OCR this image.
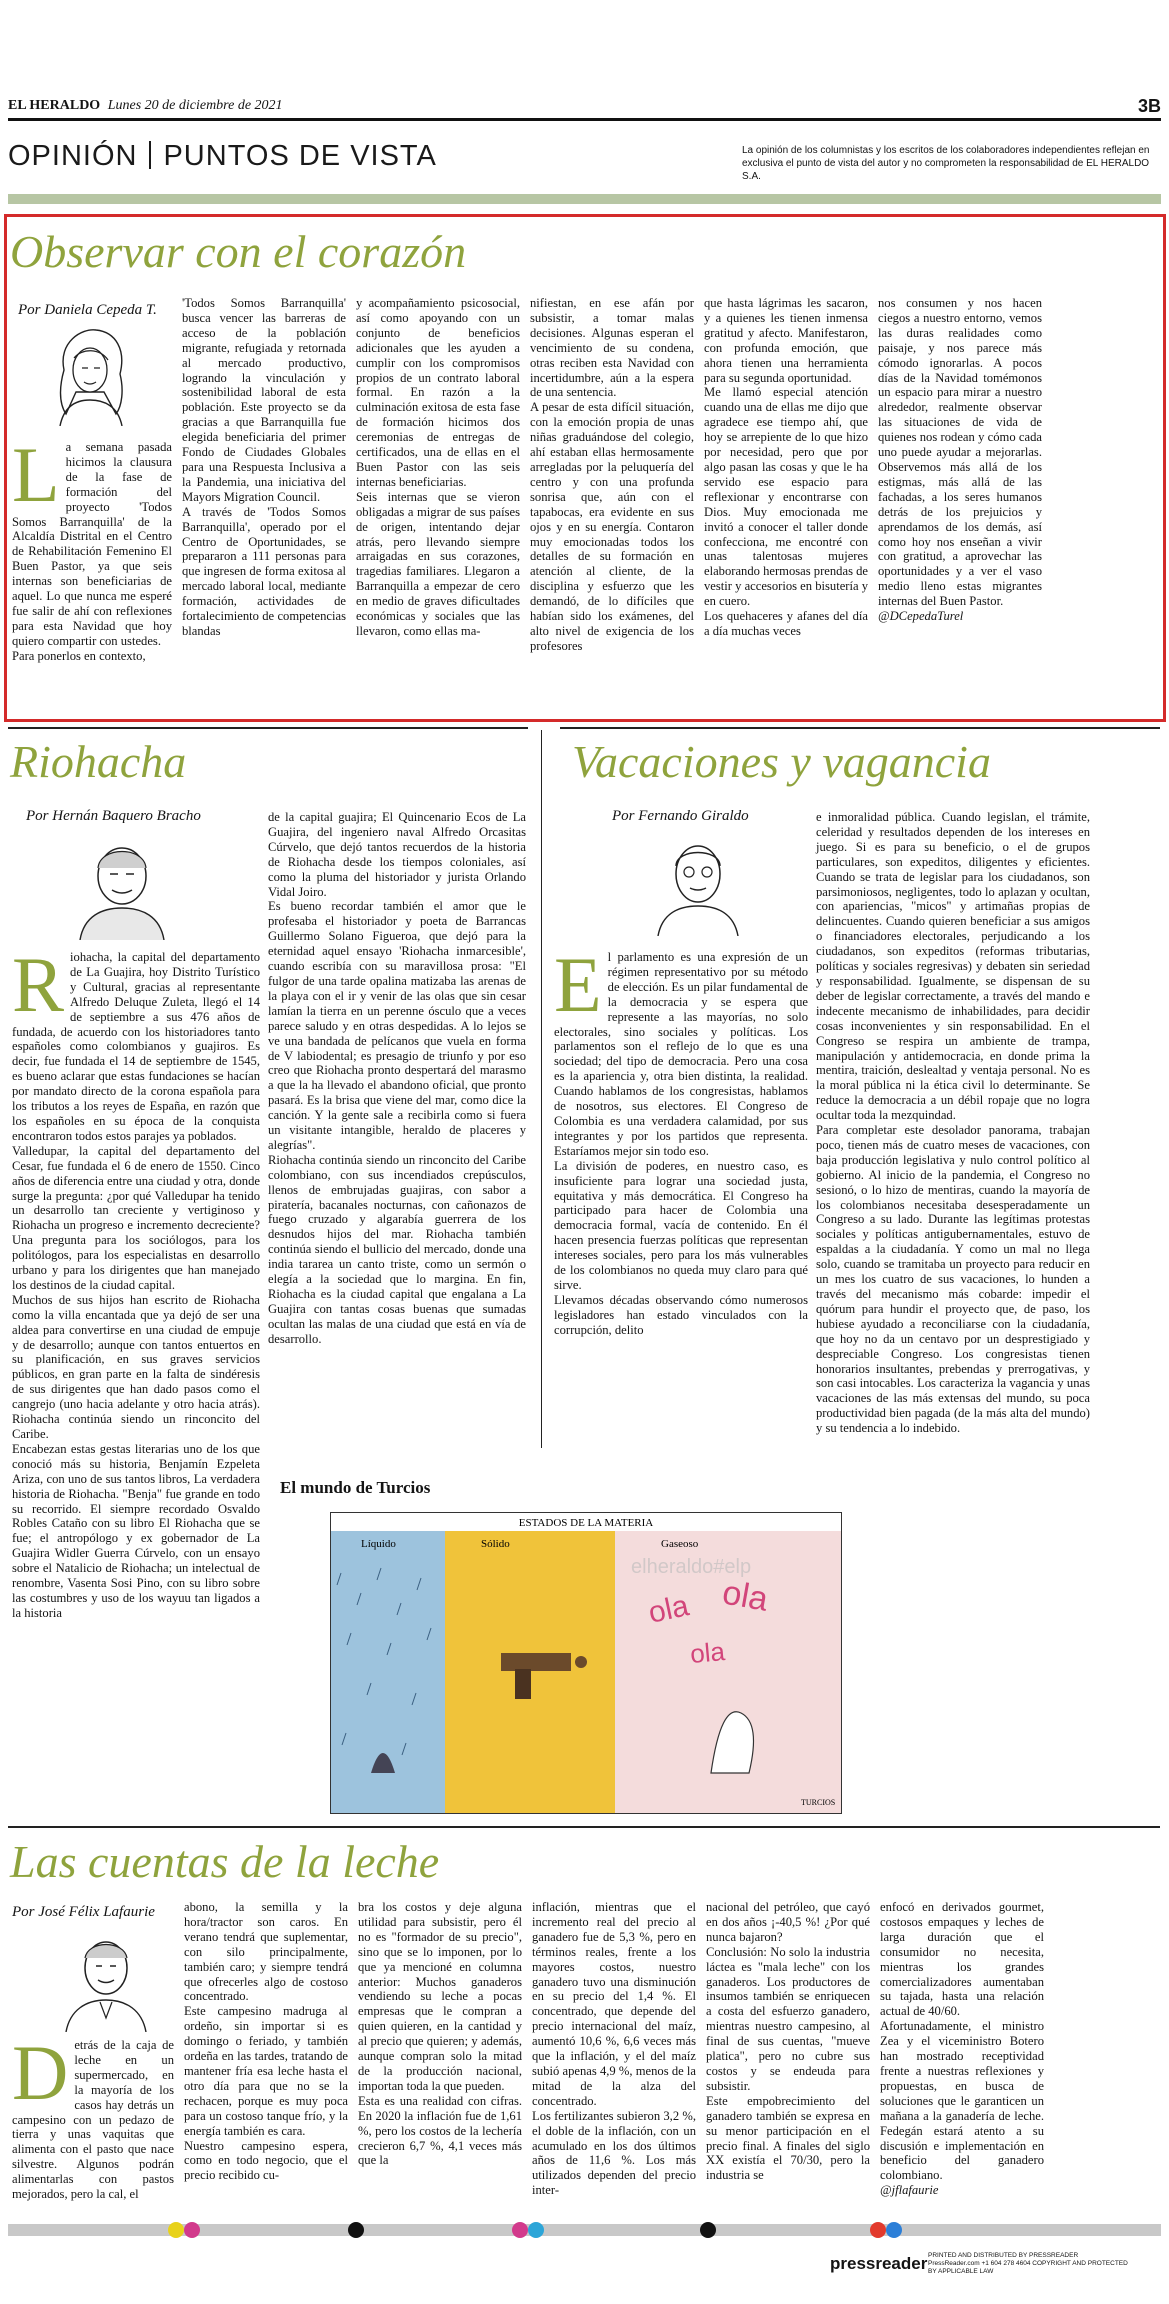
EL HERALDO Lunes 20 de diciembre de 2021	3B
OPINIÓN PUNTOS DE VISTA	La opinión de los columnistas y los escritos de los colaboradores independientes reflejan en exclusiva el punto de vista del autor y no comprometen la responsabilidad de EL HERALDO S.A.
Observar con el corazón
Por Daniela Cepeda T.
L a semana pasada hicimos la clausura de la fase de formación del proyecto 'Todos Somos Barranquilla' de la Alcaldía Distrital en el Centro de Rehabilitación Femenino El Buen Pastor, ya que seis internas son beneficiarias de aquel. Lo que nunca me esperé fue salir de ahí con reflexiones para esta Navidad que hoy quiero compartir con ustedes.

Para ponerlos en contexto,

'Todos Somos Barranquilla' busca vencer las barreras de acceso de la población migrante, refugiada y retornada al mercado productivo, logrando la vinculación y sostenibilidad laboral de esta población. Este proyecto se da gracias a que Barranquilla fue elegida beneficiaria del primer Fondo de Ciudades Globales para una Respuesta Inclusiva a la Pandemia, una iniciativa del Mayors Migration Council.

A través de 'Todos Somos Barranquilla', operado por el Centro de Oportunidades, se prepararon a 111 personas para que ingresen de forma exitosa al mercado laboral local, mediante formación, actividades de fortalecimiento de competencias blandas

y acompañamiento psicosocial, así como apoyando con un conjunto de beneficios adicionales que les ayuden a cumplir con los compromisos propios de un contrato laboral formal. En razón a la culminación exitosa de esta fase de formación hicimos dos ceremonias de entregas de certificados, una de ellas en el Buen Pastor con las seis internas beneficiarias.

Seis internas que se vieron obligadas a migrar de sus países de origen, intentando dejar atrás, pero llevando siempre arraigadas en sus corazones, tragedias familiares. Llegaron a Barranquilla a empezar de cero en medio de graves dificultades económicas y sociales que las llevaron, como ellas ma-

nifiestan, en ese afán por subsistir, a tomar malas decisiones. Algunas esperan el vencimiento de su condena, otras reciben esta Navidad con incertidumbre, aún a la espera de una sentencia.

A pesar de esta difícil situación, con la emoción propia de unas niñas graduándose del colegio, ahí estaban ellas hermosamente arregladas por la peluquería del centro y con una profunda sonrisa que, aún con el tapabocas, era evidente en sus ojos y en su energía. Contaron muy emocionadas todos los detalles de su formación en atención al cliente, de la disciplina y esfuerzo que les demandó, de lo difíciles que habían sido los exámenes, del alto nivel de exigencia de los profesores

que hasta lágrimas les sacaron, y a quienes les tienen inmensa gratitud y afecto. Manifestaron, con profunda emoción, que ahora tienen una herramienta para su segunda oportunidad.

Me llamó especial atención cuando una de ellas me dijo que agradece ese tiempo ahí, que hoy se arrepiente de lo que hizo por necesidad, pero que por algo pasan las cosas y que le ha servido ese espacio para reflexionar y encontrarse con Dios. Muy emocionada me invitó a conocer el taller donde confecciona, me encontré con unas talentosas mujeres elaborando hermosas prendas de vestir y accesorios en bisutería y en cuero.

Los quehaceres y afanes del día a día muchas veces

nos consumen y nos hacen ciegos a nuestro entorno, vemos las duras realidades como paisaje, y nos parece más cómodo ignorarlas. A pocos días de la Navidad tomémonos un espacio para mirar a nuestro alrededor, realmente observar las situaciones de vida de quienes nos rodean y cómo cada uno puede ayudar a mejorarlas. Observemos más allá de los estigmas, más allá de las fachadas, a los seres humanos detrás de los prejuicios y aprendamos de los demás, así como hoy nos enseñan a vivir con gratitud, a aprovechar las oportunidades y a ver el vaso medio lleno estas migrantes internas del Buen Pastor.

@DCepedaTurel

Riohacha
Por Hernán Baquero Bracho
R iohacha, la capital del departamento de La Guajira, hoy Distrito Turístico y Cultural, gracias al representante Alfredo Deluque Zuleta, llegó el 14 de septiembre a sus 476 años de fundada, de acuerdo con los historiadores tanto españoles como colombianos y guajiros. Es decir, fue fundada el 14 de septiembre de 1545, es bueno aclarar que estas fundaciones se hacían por mandato directo de la corona española para los tributos a los reyes de España, en razón que los españoles en su época de la conquista encontraron todos estos parajes ya poblados.

Valledupar, la capital del departamento del Cesar, fue fundada el 6 de enero de 1550. Cinco años de diferencia entre una ciudad y otra, donde surge la pregunta: ¿por qué Valledupar ha tenido un desarrollo tan creciente y vertiginoso y Riohacha un progreso e incremento decreciente? Una pregunta para los sociólogos, para los politólogos, para los especialistas en desarrollo urbano y para los dirigentes que han manejado los destinos de la ciudad capital.

Muchos de sus hijos han escrito de Riohacha como la villa encantada que ya dejó de ser una aldea para convertirse en una ciudad de empuje y de desarrollo; aunque con tantos entuertos en su planificación, en sus graves servicios públicos, en gran parte en la falta de sindéresis de sus dirigentes que han dado pasos como el cangrejo (uno hacia adelante y otro hacia atrás). Riohacha continúa siendo un rinconcito del Caribe.

Encabezan estas gestas literarias uno de los que conoció más su historia, Benjamín Ezpeleta Ariza, con uno de sus tantos libros, La verdadera historia de Riohacha. "Benja" fue grande en todo su recorrido. El siempre recordado Osvaldo Robles Cataño con su libro El Riohacha que se fue; el antropólogo y ex gobernador de La Guajira Widler Guerra Cúrvelo, con un ensayo sobre el Natalicio de Riohacha; un intelectual de renombre, Vasenta Sosi Pino, con su libro sobre las costumbres y uso de los wayuu tan ligados a la historia

de la capital guajira; El Quincenario Ecos de La Guajira, del ingeniero naval Alfredo Orcasitas Cúrvelo, que dejó tantos recuerdos de la historia de Riohacha desde los tiempos coloniales, así como la pluma del historiador y jurista Orlando Vidal Joiro.

Es bueno recordar también el amor que le profesaba el historiador y poeta de Barrancas Guillermo Solano Figueroa, que dejó para la eternidad aquel ensayo 'Riohacha inmarcesible', cuando escribía con su maravillosa prosa: "El fulgor de una tarde opalina matizaba las arenas de la playa con el ir y venir de las olas que sin cesar lamían la tierra en un perenne ósculo que a veces parece saludo y en otras despedidas. A lo lejos se ve una bandada de pelícanos que vuela en forma de V labiodental; es presagio de triunfo y por eso creo que Riohacha pronto despertará del marasmo a que la ha llevado el abandono oficial, que pronto pasará. Es la brisa que viene del mar, como dice la canción. Y la gente sale a recibirla como si fuera un visitante intangible, heraldo de placeres y alegrías".

Riohacha continúa siendo un rinconcito del Caribe colombiano, con sus incendiados crepúsculos, llenos de embrujadas guajiras, con sabor a piratería, bacanales nocturnas, con cañonazos de fuego cruzado y algarabía guerrera de los desnudos hijos del mar. Riohacha también continúa siendo el bullicio del mercado, donde una india tararea un canto triste, como un sermón o elegía a la sociedad que lo margina. En fin, Riohacha es la ciudad capital que engalana a La Guajira con tantas cosas buenas que sumadas ocultan las malas de una ciudad que está en vía de desarrollo.

Vacaciones y vagancia
Por Fernando Giraldo
E l parlamento es una expresión de un régimen representativo por su método de elección. Es un pilar fundamental de la democracia y se espera que represente a las mayorías, no solo electorales, sino sociales y políticas. Los parlamentos son el reflejo de lo que es una sociedad; del tipo de democracia. Pero una cosa es la apariencia y, otra bien distinta, la realidad. Cuando hablamos de los congresistas, hablamos de nosotros, sus electores. El Congreso de Colombia es una verdadera calamidad, por sus integrantes y por los partidos que representa. Estaríamos mejor sin todo eso.

La división de poderes, en nuestro caso, es insuficiente para lograr una sociedad justa, equitativa y más democrática. El Congreso ha participado para hacer de Colombia una democracia formal, vacía de contenido. En él hacen presencia fuerzas políticas que representan intereses sociales, pero para los más vulnerables de los colombianos no queda muy claro para qué sirve.

Llevamos décadas observando cómo numerosos legisladores han estado vinculados con la corrupción, delito

e inmoralidad pública. Cuando legislan, el trámite, celeridad y resultados dependen de los intereses en juego. Si es para su beneficio, o el de grupos particulares, son expeditos, diligentes y eficientes. Cuando se trata de legislar para los ciudadanos, son parsimoniosos, negligentes, todo lo aplazan y ocultan, con apariencias, "micos" y artimañas propias de delincuentes. Cuando quieren beneficiar a sus amigos o financiadores electorales, perjudicando a los ciudadanos, son expeditos (reformas tributarias, políticas y sociales regresivas) y debaten sin seriedad y responsabilidad. Igualmente, se dispensan de su deber de legislar correctamente, a través del mando e indecente mecanismo de inhabilidades, para decidir cosas inconvenientes y sin responsabilidad. En el Congreso se respira un ambiente de trampa, manipulación y antidemocracia, en donde prima la mentira, traición, deslealtad y ventaja personal. No es la moral pública ni la ética civil lo determinante. Se reduce la democracia a un débil ropaje que no logra ocultar toda la mezquindad.

Para completar este desolador panorama, trabajan poco, tienen más de cuatro meses de vacaciones, con baja producción legislativa y nulo control político al gobierno. Al inicio de la pandemia, el Congreso no sesionó, o lo hizo de mentiras, cuando la mayoría de los colombianos necesitaba desesperadamente un Congreso a su lado. Durante las legítimas protestas sociales y políticas antigubernamentales, estuvo de espaldas a la ciudadanía. Y como un mal no llega solo, cuando se tramitaba un proyecto para reducir en un mes los cuatro de sus vacaciones, lo hunden a través del mecanismo más cobarde: impedir el quórum para hundir el proyecto que, de paso, los hubiese ayudado a reconciliarse con la ciudadanía, que hoy no da un centavo por un desprestigiado y despreciable Congreso. Los congresistas tienen honorarios insultantes, prebendas y prerrogativas, y son casi intocables. Los caracteriza la vagancia y unas vacaciones de las más extensas del mundo, su poca productividad bien pagada (de la más alta del mundo) y su tendencia a lo indebido.

El mundo de Turcios
ESTADOS DE LA MATERIA
Líquido	Sólido	Gaseoso
ola ola
ola
elheraldo#elp
TURCIOS
Las cuentas de la leche
Por José Félix Lafaurie
D etrás de la caja de leche en un supermercado, en la mayoría de los casos hay detrás un campesino con un pedazo de tierra y unas vaquitas que alimenta con el pasto que nace silvestre. Algunos podrán alimentarlas con pastos mejorados, pero la cal, el

abono, la semilla y la hora/tractor son caros. En verano tendrá que suplementar, con silo principalmente, también caro; y siempre tendrá que ofrecerles algo de costoso concentrado.

Este campesino madruga al ordeño, sin importar si es domingo o feriado, y también ordeña en las tardes, tratando de mantener fría esa leche hasta el otro día para que no se la rechacen, porque es muy poca para un costoso tanque frío, y la energía también es cara.

Nuestro campesino espera, como en todo negocio, que el precio recibido cu-

bra los costos y deje alguna utilidad para subsistir, pero él no es "formador de su precio", sino que se lo imponen, por lo que ya mencioné en columna anterior: Muchos ganaderos vendiendo su leche a pocas empresas que le compran a quien quieren, en la cantidad y al precio que quieren; y además, aunque compran solo la mitad de la producción nacional, importan toda la que pueden.

Esta es una realidad con cifras. En 2020 la inflación fue de 1,61 %, pero los costos de la lechería crecieron 6,7 %, 4,1 veces más que la

inflación, mientras que el incremento real del precio al ganadero fue de 5,3 %, pero en términos reales, frente a los mayores costos, nuestro ganadero tuvo una disminución en su precio del 1,4 %. El concentrado, que depende del precio internacional del maíz, aumentó 10,6 %, 6,6 veces más que la inflación, y el del maíz subió apenas 4,9 %, menos de la mitad de la alza del concentrado.

Los fertilizantes subieron 3,2 %, el doble de la inflación, con un acumulado en los dos últimos años de 11,6 %. Los más utilizados dependen del precio inter-

nacional del petróleo, que cayó en dos años ¡-40,5 %! ¿Por qué nunca bajaron?

Conclusión: No solo la industria láctea es "mala leche" con los ganaderos. Los productores de insumos también se enriquecen a costa del esfuerzo ganadero, mientras nuestro campesino, al final de sus cuentas, "mueve platica", pero no cubre sus costos y se endeuda para subsistir.

Este empobrecimiento del ganadero también se expresa en su menor participación en el precio final. A finales del siglo XX existía el 70/30, pero la industria se

enfocó en derivados gourmet, costosos empaques y leches de larga duración que el consumidor no necesita, mientras los grandes comercializadores aumentaban su tajada, hasta una relación actual de 40/60.

Afortunadamente, el ministro Zea y el viceministro Botero han mostrado receptividad frente a nuestras reflexiones y propuestas, en busca de soluciones que le garanticen un mañana a la ganadería de leche. Fedegán estará atento a su discusión e implementación en beneficio del ganadero colombiano.

@jflafaurie

pressreader PRINTED AND DISTRIBUTED BY PRESSREADER PressReader.com +1 604 278 4604 COPYRIGHT AND PROTECTED BY APPLICABLE LAW
